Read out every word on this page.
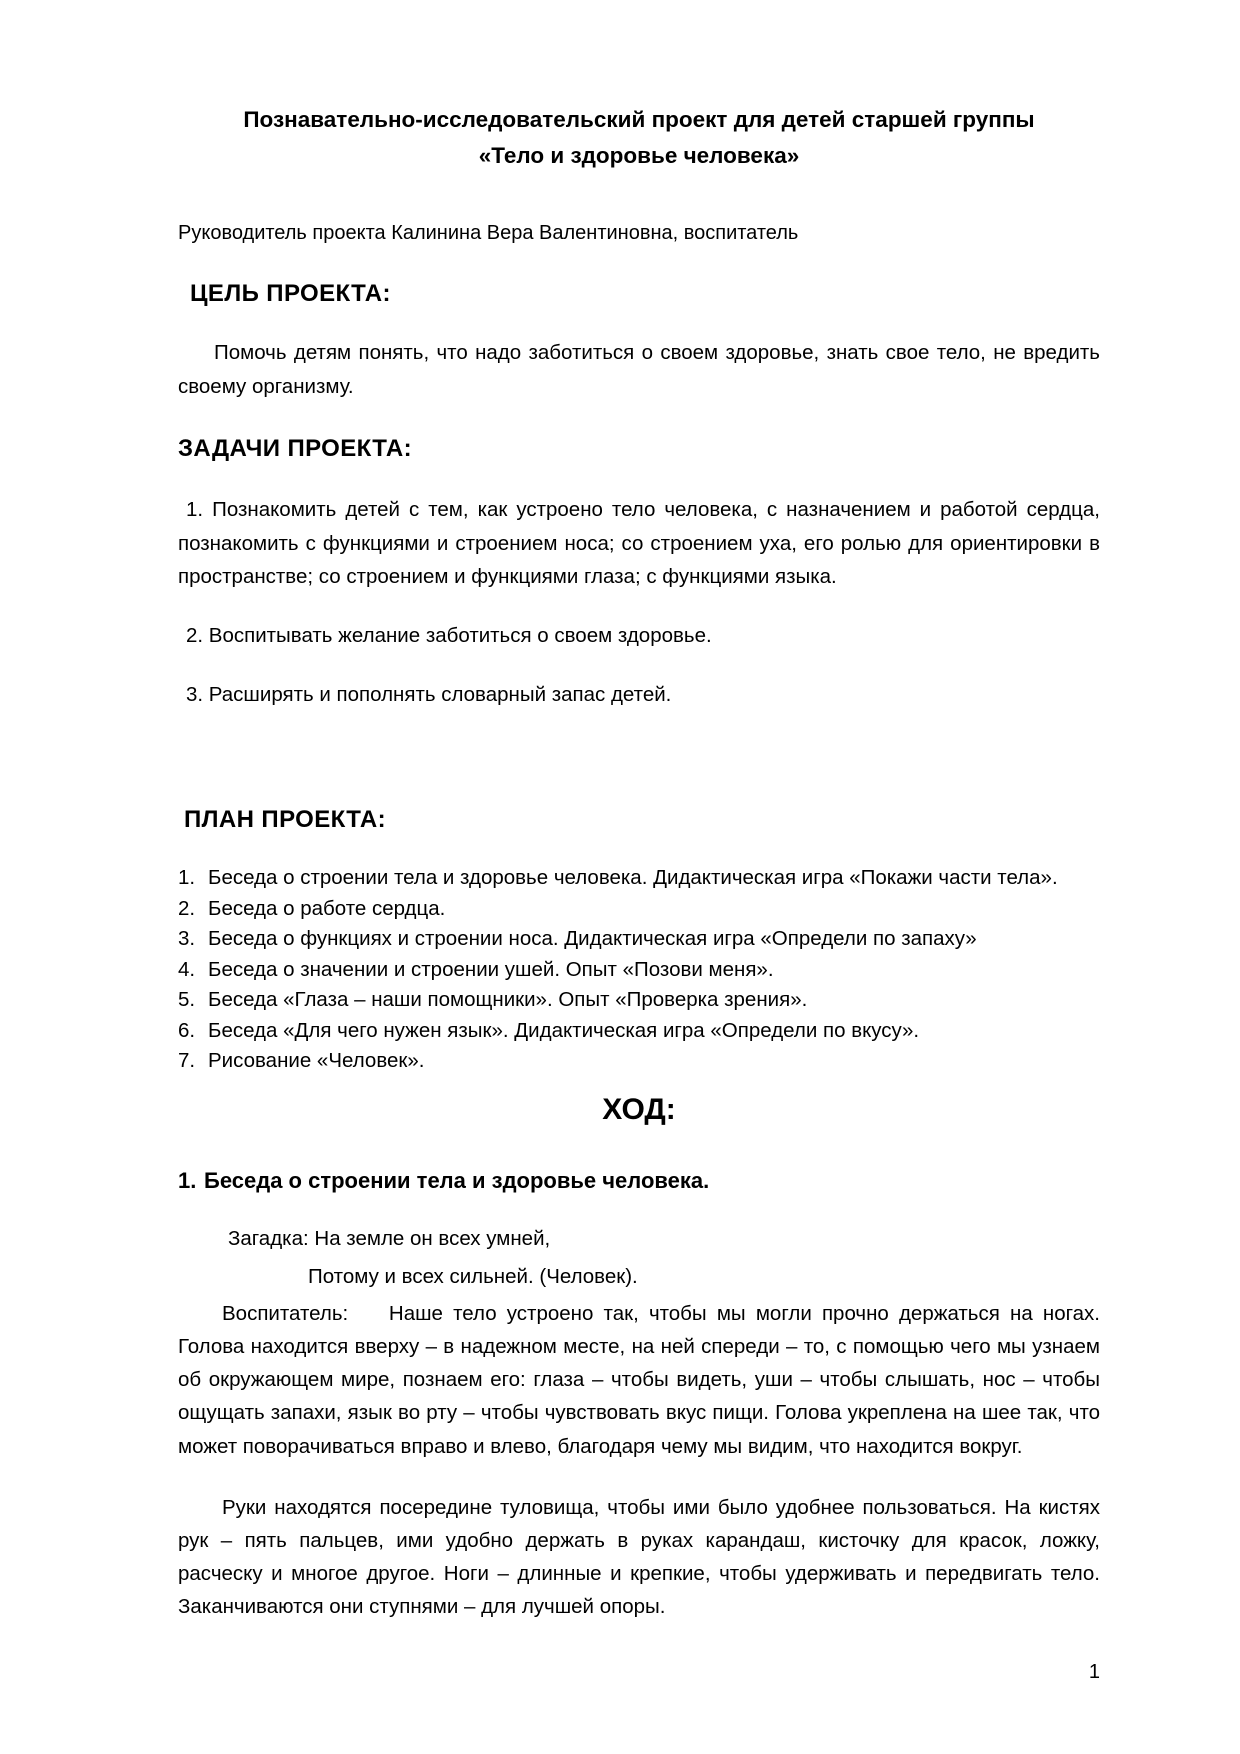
Познавательно-исследовательский проект для детей старшей группы
«Тело и здоровье человека»

Руководитель проекта Калинина Вера Валентиновна, воспитатель

ЦЕЛЬ ПРОЕКТА:

Помочь детям понять, что надо заботиться о своем здоровье, знать свое тело, не вредить своему организму.

ЗАДАЧИ ПРОЕКТА:

1. Познакомить детей с тем, как устроено тело человека, с назначением и работой сердца, познакомить с функциями и строением носа; со строением уха, его ролью для ориентировки в пространстве; со строением и функциями глаза; с функциями языка.

2. Воспитывать желание заботиться о своем здоровье.

3. Расширять и пополнять словарный запас детей.

ПЛАН ПРОЕКТА:

1. Беседа о строении тела и здоровье человека. Дидактическая игра «Покажи части тела».
2. Беседа о работе сердца.
3. Беседа о функциях и строении носа. Дидактическая игра «Определи по запаху»
4. Беседа о значении и строении ушей. Опыт «Позови меня».
5. Беседа «Глаза – наши помощники». Опыт «Проверка зрения».
6. Беседа «Для чего нужен язык». Дидактическая игра «Определи по вкусу».
7. Рисование «Человек».

ХОД:

1. Беседа о строении тела и здоровье человека.

Загадка: На земле он всех умней,

Потому и всех сильней. (Человек).

Воспитатель: Наше тело устроено так, чтобы мы могли прочно держаться на ногах. Голова находится вверху – в надежном месте, на ней спереди – то, с помощью чего мы узнаем об окружающем мире, познаем его: глаза – чтобы видеть, уши – чтобы слышать, нос – чтобы ощущать запахи, язык во рту – чтобы чувствовать вкус пищи. Голова укреплена на шее так, что может поворачиваться вправо и влево, благодаря чему мы видим, что находится вокруг.

Руки находятся посередине туловища, чтобы ими было удобнее пользоваться. На кистях рук – пять пальцев, ими удобно держать в руках карандаш, кисточку для красок, ложку, расческу и многое другое. Ноги – длинные и крепкие, чтобы удерживать и передвигать тело. Заканчиваются они ступнями – для лучшей опоры.

1
